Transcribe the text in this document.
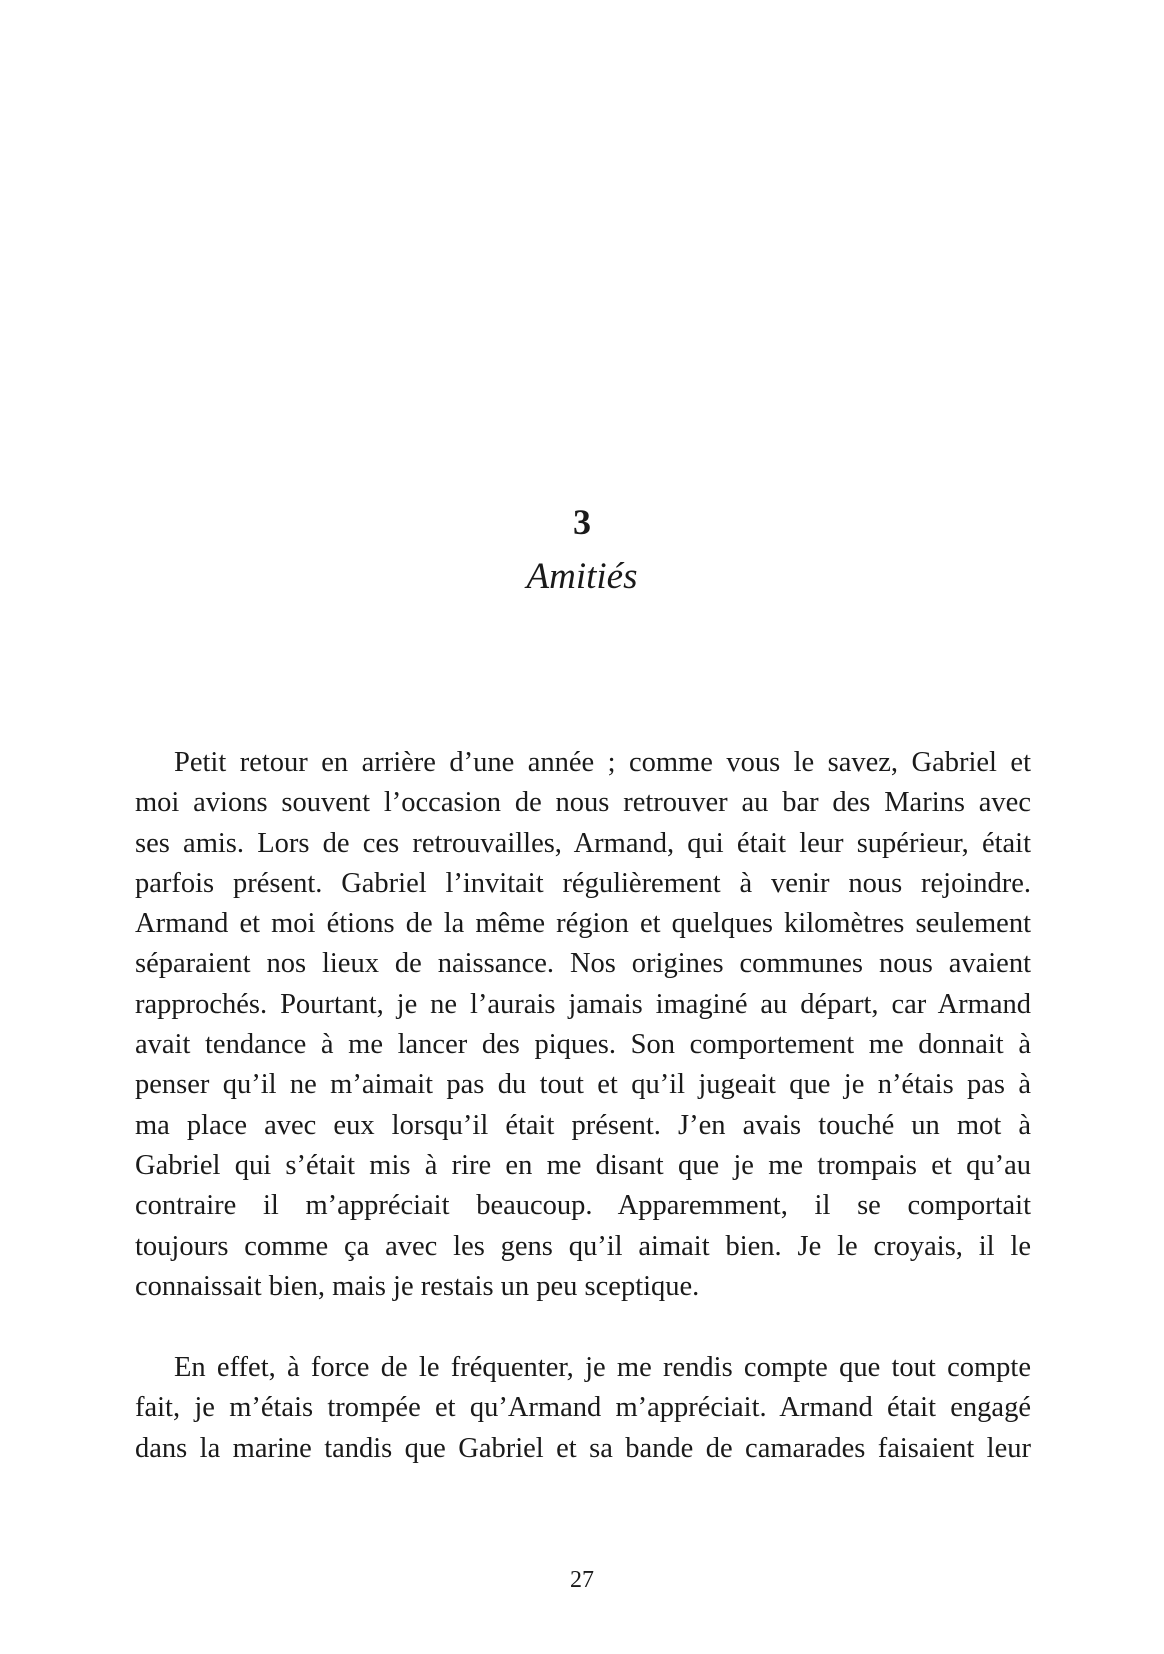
3
Amitiés
Petit retour en arrière d’une année ; comme vous le savez, Gabriel et
moi avions souvent l’occasion de nous retrouver au bar des Marins avec
ses amis. Lors de ces retrouvailles, Armand, qui était leur supérieur, était
parfois présent. Gabriel l’invitait régulièrement à venir nous rejoindre.
Armand et moi étions de la même région et quelques kilomètres seulement
séparaient nos lieux de naissance. Nos origines communes nous avaient
rapprochés. Pourtant, je ne l’aurais jamais imaginé au départ, car Armand
avait tendance à me lancer des piques. Son comportement me donnait à
penser qu’il ne m’aimait pas du tout et qu’il jugeait que je n’étais pas à
ma place avec eux lorsqu’il était présent. J’en avais touché un mot à
Gabriel qui s’était mis à rire en me disant que je me trompais et qu’au
contraire il m’appréciait beaucoup. Apparemment, il se comportait
toujours comme ça avec les gens qu’il aimait bien. Je le croyais, il le
connaissait bien, mais je restais un peu sceptique.
En effet, à force de le fréquenter, je me rendis compte que tout compte
fait, je m’étais trompée et qu’Armand m’appréciait. Armand était engagé
dans la marine tandis que Gabriel et sa bande de camarades faisaient leur
27
